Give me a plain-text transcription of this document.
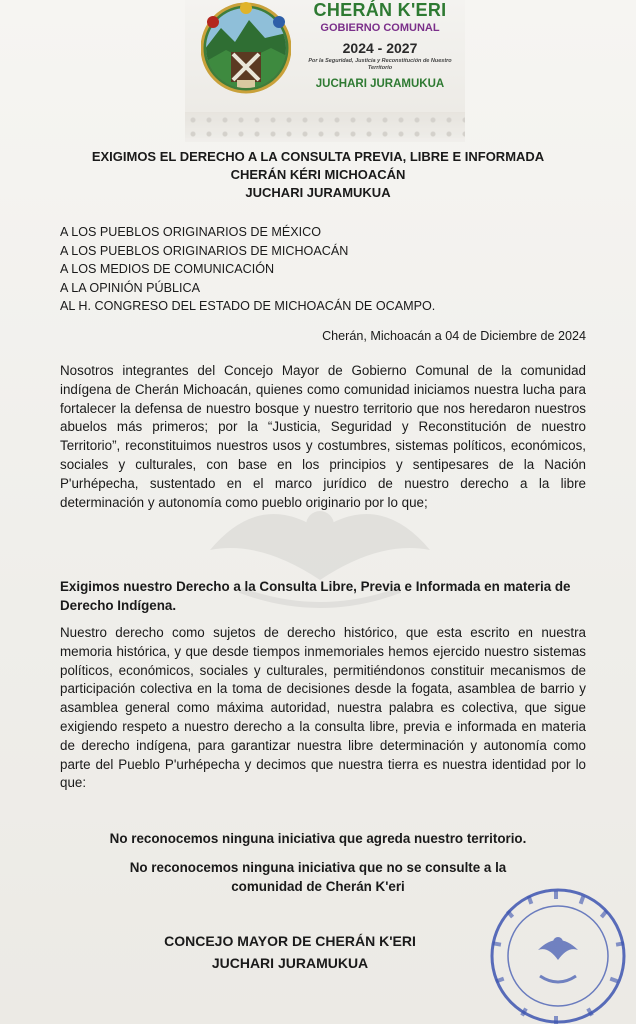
CHERÁN K'ERI
GOBIERNO COMUNAL
2024 - 2027
Por la Seguridad, Justicia y Reconstitución de Nuestro Territorio
JUCHARI JURAMUKUA
EXIGIMOS EL DERECHO A LA CONSULTA PREVIA, LIBRE E INFORMADA
CHERÁN KÉRI MICHOACÁN
JUCHARI JURAMUKUA
A LOS PUEBLOS ORIGINARIOS DE MÉXICO
A LOS PUEBLOS ORIGINARIOS DE MICHOACÁN
A LOS MEDIOS DE COMUNICACIÓN
A LA OPINIÓN PÚBLICA
AL H. CONGRESO DEL ESTADO DE MICHOACÁN DE OCAMPO.
Cherán, Michoacán a 04 de Diciembre de 2024
Nosotros integrantes del Concejo Mayor de Gobierno Comunal de la comunidad indígena de Cherán Michoacán, quienes como comunidad iniciamos nuestra lucha para fortalecer la defensa de nuestro bosque y nuestro territorio que nos heredaron nuestros abuelos más primeros; por la “Justicia, Seguridad y Reconstitución de nuestro Territorio”, reconstituimos nuestros usos y costumbres, sistemas políticos, económicos, sociales y culturales, con base en los principios y sentipesares de la Nación P'urhépecha, sustentado en el marco jurídico de nuestro derecho a la libre determinación y autonomía como pueblo originario por lo que;
Exigimos nuestro Derecho a la Consulta Libre, Previa e Informada en materia de Derecho Indígena.
Nuestro derecho como sujetos de derecho histórico, que esta escrito en nuestra memoria histórica, y que desde tiempos inmemoriales hemos ejercido nuestro sistemas políticos, económicos, sociales y culturales, permitiéndonos constituir mecanismos de participación colectiva en la toma de decisiones desde la fogata, asamblea de barrio y asamblea general como máxima autoridad, nuestra palabra es colectiva, que sigue exigiendo respeto a nuestro derecho a la consulta libre, previa e informada en materia de derecho indígena, para garantizar nuestra libre determinación y autonomía como parte del Pueblo P'urhépecha y decimos que nuestra tierra es nuestra identidad por lo que:
No reconocemos ninguna iniciativa que agreda nuestro territorio.
No reconocemos ninguna iniciativa que no se consulte a la
comunidad de Cherán K'eri
CONCEJO MAYOR DE CHERÁN K'ERI
JUCHARI JURAMUKUA
